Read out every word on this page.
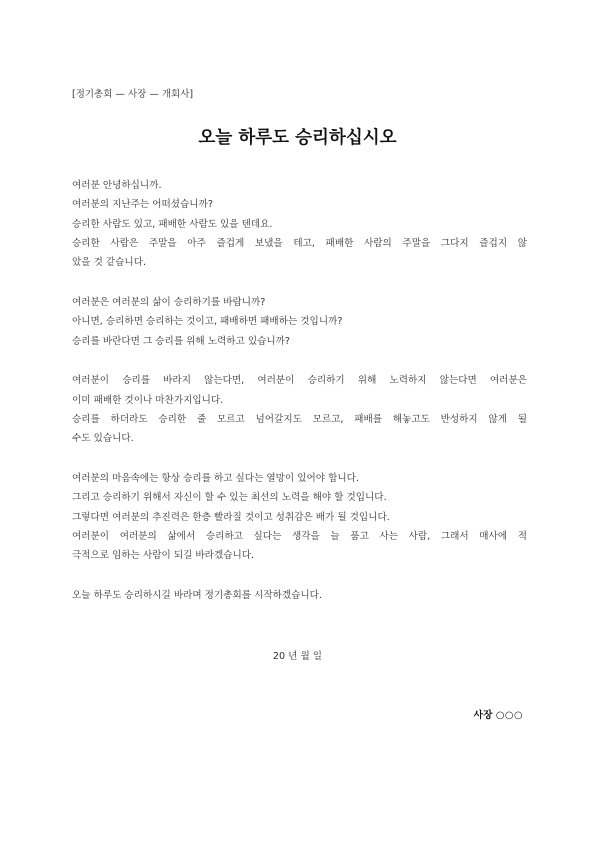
[정기총회 — 사장 — 개회사]
오늘 하루도 승리하십시오
여러분 안녕하십니까.
여러분의 지난주는 어떠셨습니까?
승리한 사람도 있고, 패배한 사람도 있을 텐데요.
승리한 사람은 주말을 아주 즐겁게 보냈을 테고, 패배한 사람의 주말을 그다지 즐겁지 않
았을 것 같습니다.
여러분은 여러분의 삶이 승리하기를 바랍니까?
아니면, 승리하면 승리하는 것이고, 패배하면 패배하는 것입니까?
승리를 바란다면 그 승리를 위해 노력하고 있습니까?
여러분이 승리를 바라지 않는다면, 여러분이 승리하기 위해 노력하지 않는다면 여러분은
이미 패배한 것이나 마찬가지입니다.
승리를 하더라도 승리한 줄 모르고 넘어갈지도 모르고, 패배를 해놓고도 반성하지 않게 될
수도 있습니다.
여러분의 마음속에는 항상 승리를 하고 싶다는 열망이 있어야 합니다.
그리고 승리하기 위해서 자신이 할 수 있는 최선의 노력을 해야 할 것입니다.
그렇다면 여러분의 추진력은 한층 빨라질 것이고 성취감은 배가 될 것입니다.
여러분이 여러분의 삶에서 승리하고 싶다는 생각을 늘 품고 사는 사람, 그래서 매사에 적
극적으로 임하는 사람이 되길 바라겠습니다.
오늘 하루도 승리하시길 바라며 정기총회를 시작하겠습니다.
20 년 월 일
사장 ○○○
